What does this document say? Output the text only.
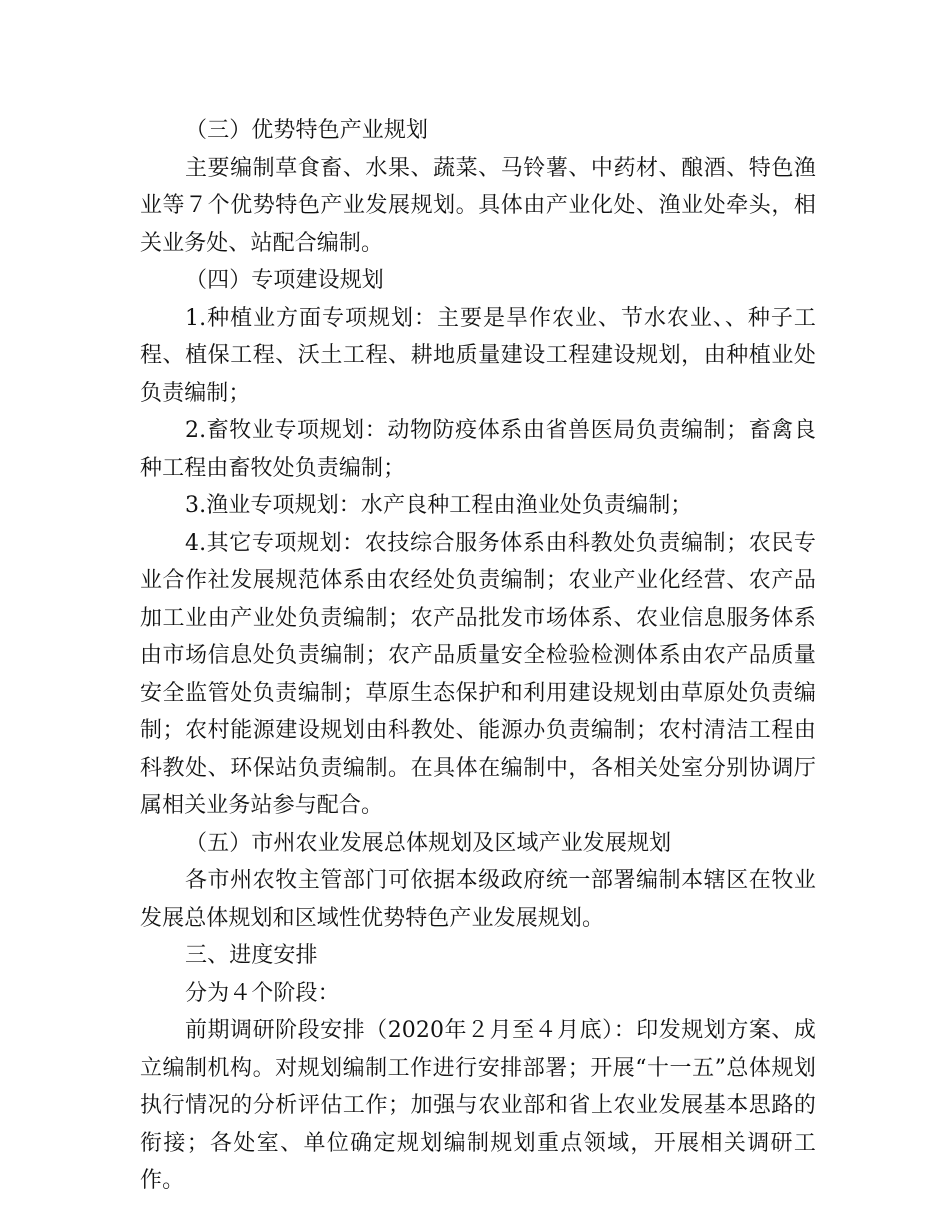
（三）优势特色产业规划

主要编制草食畜、水果、蔬菜、马铃薯、中药材、酿酒、特色渔业等７个优势特色产业发展规划。具体由产业化处、渔业处牵头，相关业务处、站配合编制。

（四）专项建设规划

1.种植业方面专项规划：主要是旱作农业、节水农业、、种子工程、植保工程、沃土工程、耕地质量建设工程建设规划，由种植业处负责编制；

2.畜牧业专项规划：动物防疫体系由省兽医局负责编制；畜禽良种工程由畜牧处负责编制；

3.渔业专项规划：水产良种工程由渔业处负责编制；

4.其它专项规划：农技综合服务体系由科教处负责编制；农民专业合作社发展规范体系由农经处负责编制；农业产业化经营、农产品加工业由产业处负责编制；农产品批发市场体系、农业信息服务体系由市场信息处负责编制；农产品质量安全检验检测体系由农产品质量安全监管处负责编制；草原生态保护和利用建设规划由草原处负责编制；农村能源建设规划由科教处、能源办负责编制；农村清洁工程由科教处、环保站负责编制。在具体在编制中，各相关处室分别协调厅属相关业务站参与配合。

（五）市州农业发展总体规划及区域产业发展规划

各市州农牧主管部门可依据本级政府统一部署编制本辖区在牧业发展总体规划和区域性优势特色产业发展规划。

三、进度安排

分为４个阶段：

前期调研阶段安排（2020年２月至４月底）：印发规划方案、成立编制机构。对规划编制工作进行安排部署；开展“十一五”总体规划执行情况的分析评估工作；加强与农业部和省上农业发展基本思路的衔接；各处室、单位确定规划编制规划重点领域，开展相关调研工作。
